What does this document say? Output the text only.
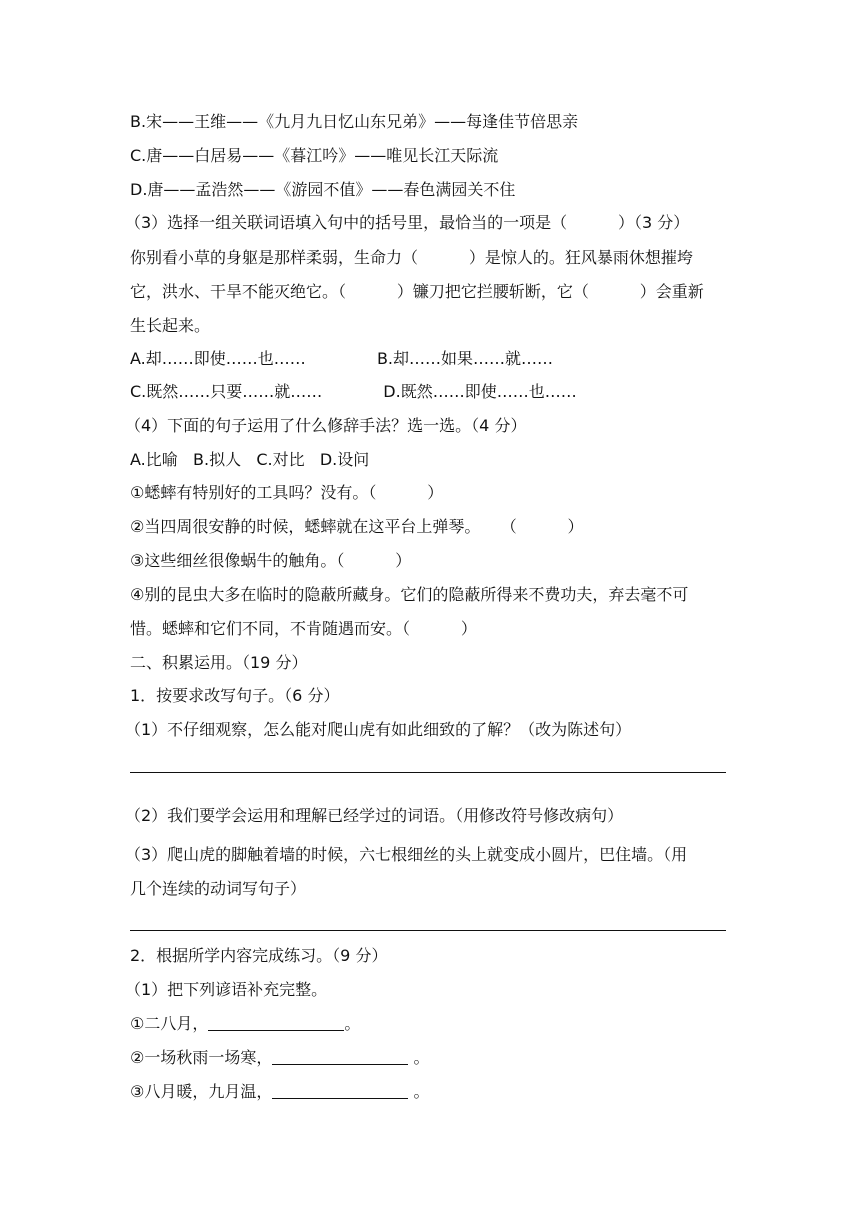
B.宋——王维——《九月九日忆山东兄弟》——每逢佳节倍思亲
C.唐——白居易——《暮江吟》——唯见长江天际流
D.唐——孟浩然——《游园不值》——春色满园关不住
（3）选择一组关联词语填入句中的括号里，最恰当的一项是（          ）（3 分）
你别看小草的身躯是那样柔弱，生命力（          ）是惊人的。狂风暴雨休想摧垮
它，洪水、干旱不能灭绝它。（          ）镰刀把它拦腰斩断，它（          ）会重新
生长起来。
A.却……即使……也……              B.却……如果……就……
C.既然……只要……就……            D.既然……即使……也……
（4）下面的句子运用了什么修辞手法？选一选。（4 分）
A.比喻   B.拟人   C.对比   D.设问
①蟋蟀有特别好的工具吗？没有。（          ）
②当四周很安静的时候，蟋蟀就在这平台上弹琴。    （          ）
③这些细丝很像蜗牛的触角。（          ）
④别的昆虫大多在临时的隐蔽所藏身。它们的隐蔽所得来不费功夫，弃去毫不可
惜。蟋蟀和它们不同，不肯随遇而安。（          ）
二、积累运用。（19 分）
1．按要求改写句子。（6 分）
（1）不仔细观察，怎么能对爬山虎有如此细致的了解？（改为陈述句）
（2）我们要学会运用和理解已经学过的词语。（用修改符号修改病句）
（3）爬山虎的脚触着墙的时候，六七根细丝的头上就变成小圆片，巴住墙。（用
几个连续的动词写句子）
2．根据所学内容完成练习。（9 分）
（1）把下列谚语补充完整。
①二八月，	。
②一场秋雨一场寒，	。
③八月暖，九月温，	。
